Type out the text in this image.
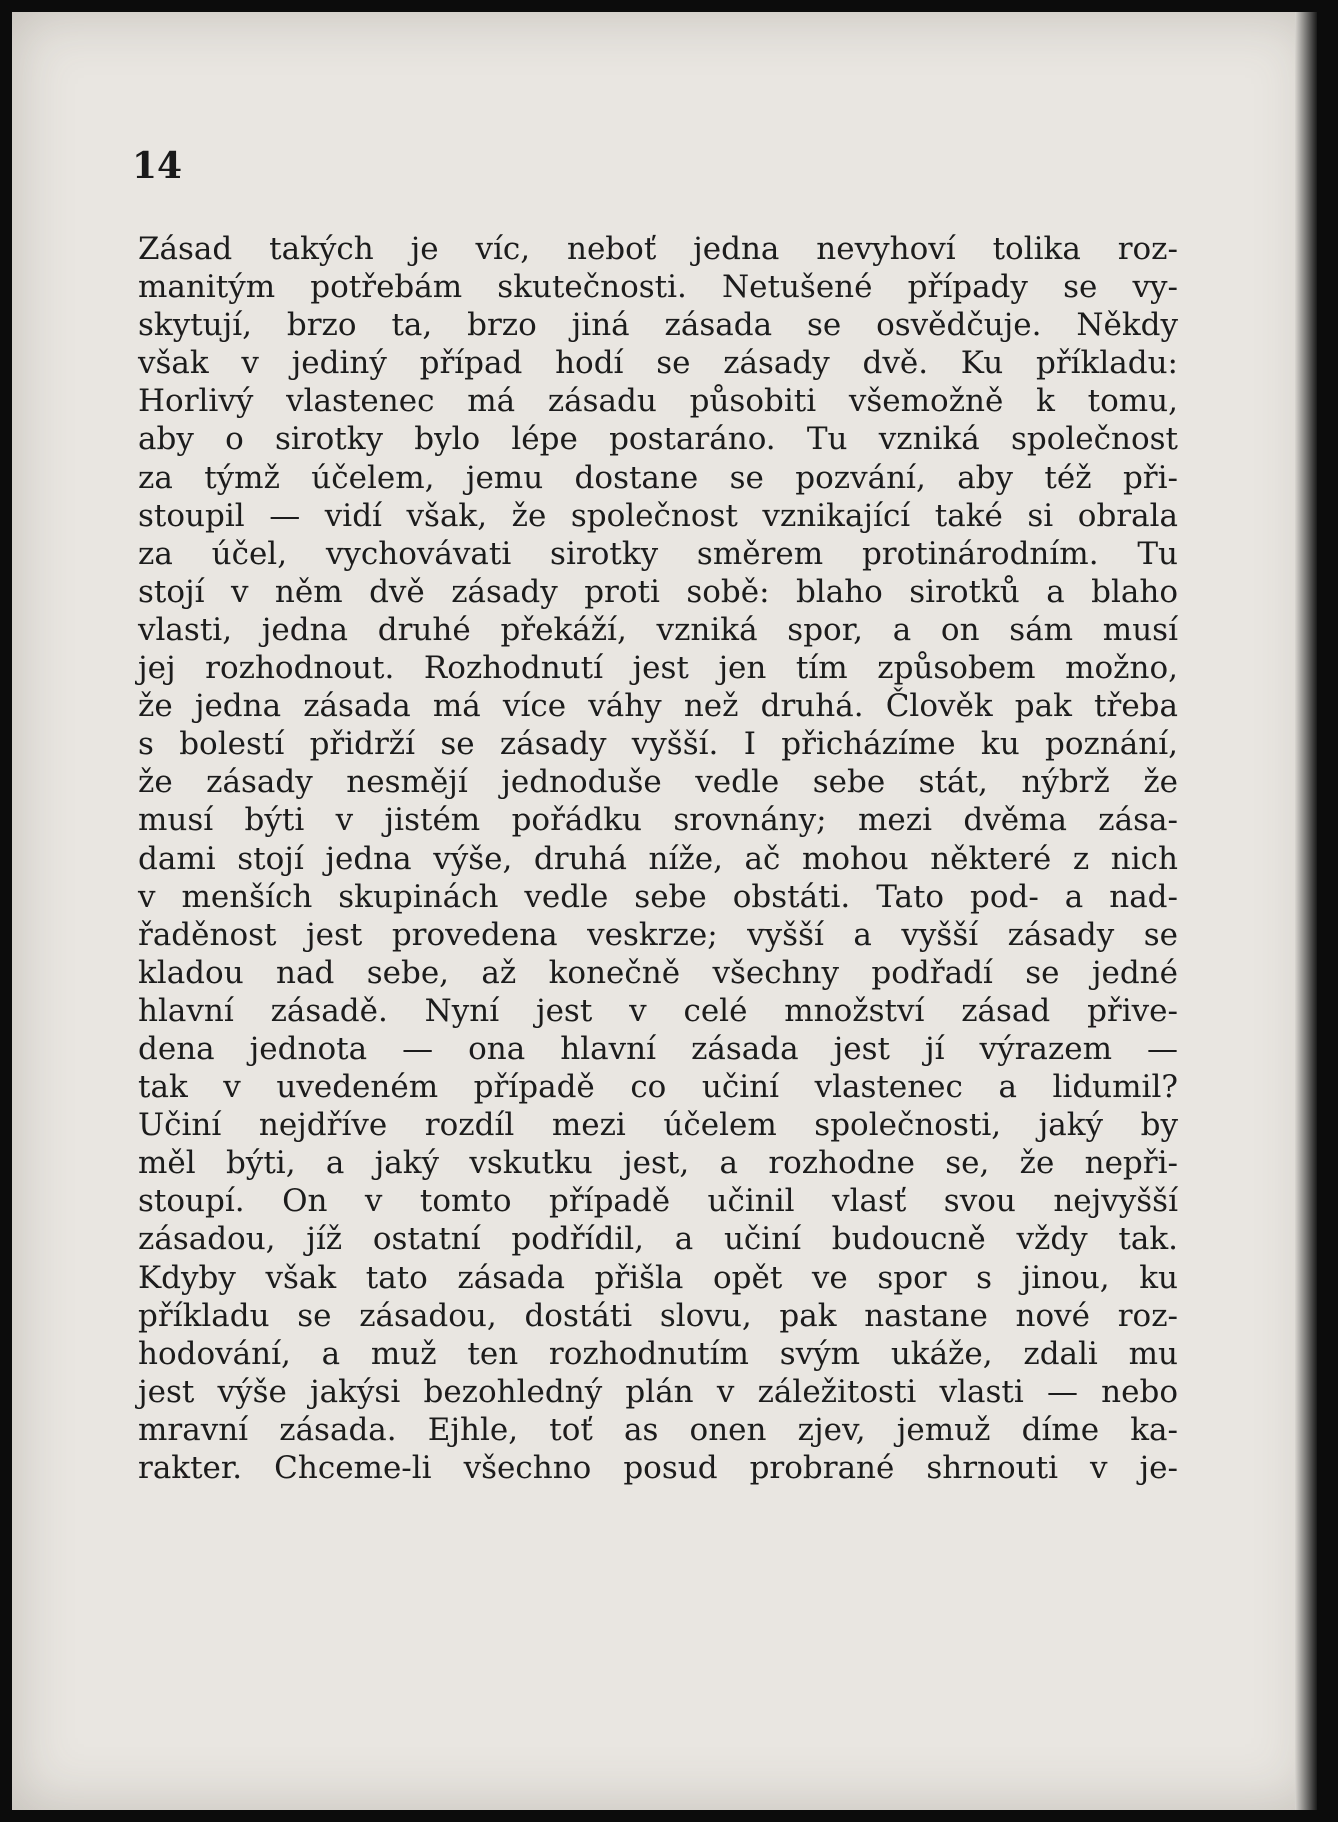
14
Zásad takých je víc, neboť jedna nevyhoví tolika roz-
manitým potřebám skutečnosti. Netušené případy se vy-
skytují, brzo ta, brzo jiná zásada se osvědčuje. Někdy
však v jediný případ hodí se zásady dvě. Ku příkladu:
Horlivý vlastenec má zásadu působiti všemožně k tomu,
aby o sirotky bylo lépe postaráno. Tu vzniká společnost
za týmž účelem, jemu dostane se pozvání, aby též při-
stoupil — vidí však, že společnost vznikající také si obrala
za účel, vychovávati sirotky směrem protinárodním. Tu
stojí v něm dvě zásady proti sobě: blaho sirotků a blaho
vlasti, jedna druhé překáží, vzniká spor, a on sám musí
jej rozhodnout. Rozhodnutí jest jen tím způsobem možno,
že jedna zásada má více váhy než druhá. Člověk pak třeba
s bolestí přidrží se zásady vyšší. I přicházíme ku poznání,
že zásady nesmějí jednoduše vedle sebe stát, nýbrž že
musí býti v jistém pořádku srovnány; mezi dvěma zása-
dami stojí jedna výše, druhá níže, ač mohou některé z nich
v menších skupinách vedle sebe obstáti. Tato pod- a nad-
řaděnost jest provedena veskrze; vyšší a vyšší zásady se
kladou nad sebe, až konečně všechny podřadí se jedné
hlavní zásadě. Nyní jest v celé množství zásad přive-
dena jednota — ona hlavní zásada jest jí výrazem —
tak v uvedeném případě co učiní vlastenec a lidumil?
Učiní nejdříve rozdíl mezi účelem společnosti, jaký by
měl býti, a jaký vskutku jest, a rozhodne se, že nepři-
stoupí. On v tomto případě učinil vlasť svou nejvyšší
zásadou, jíž ostatní podřídil, a učiní budoucně vždy tak.
Kdyby však tato zásada přišla opět ve spor s jinou, ku
příkladu se zásadou, dostáti slovu, pak nastane nové roz-
hodování, a muž ten rozhodnutím svým ukáže, zdali mu
jest výše jakýsi bezohledný plán v záležitosti vlasti — nebo
mravní zásada. Ejhle, toť as onen zjev, jemuž díme ka-
rakter. Chceme-li všechno posud probrané shrnouti v je-
